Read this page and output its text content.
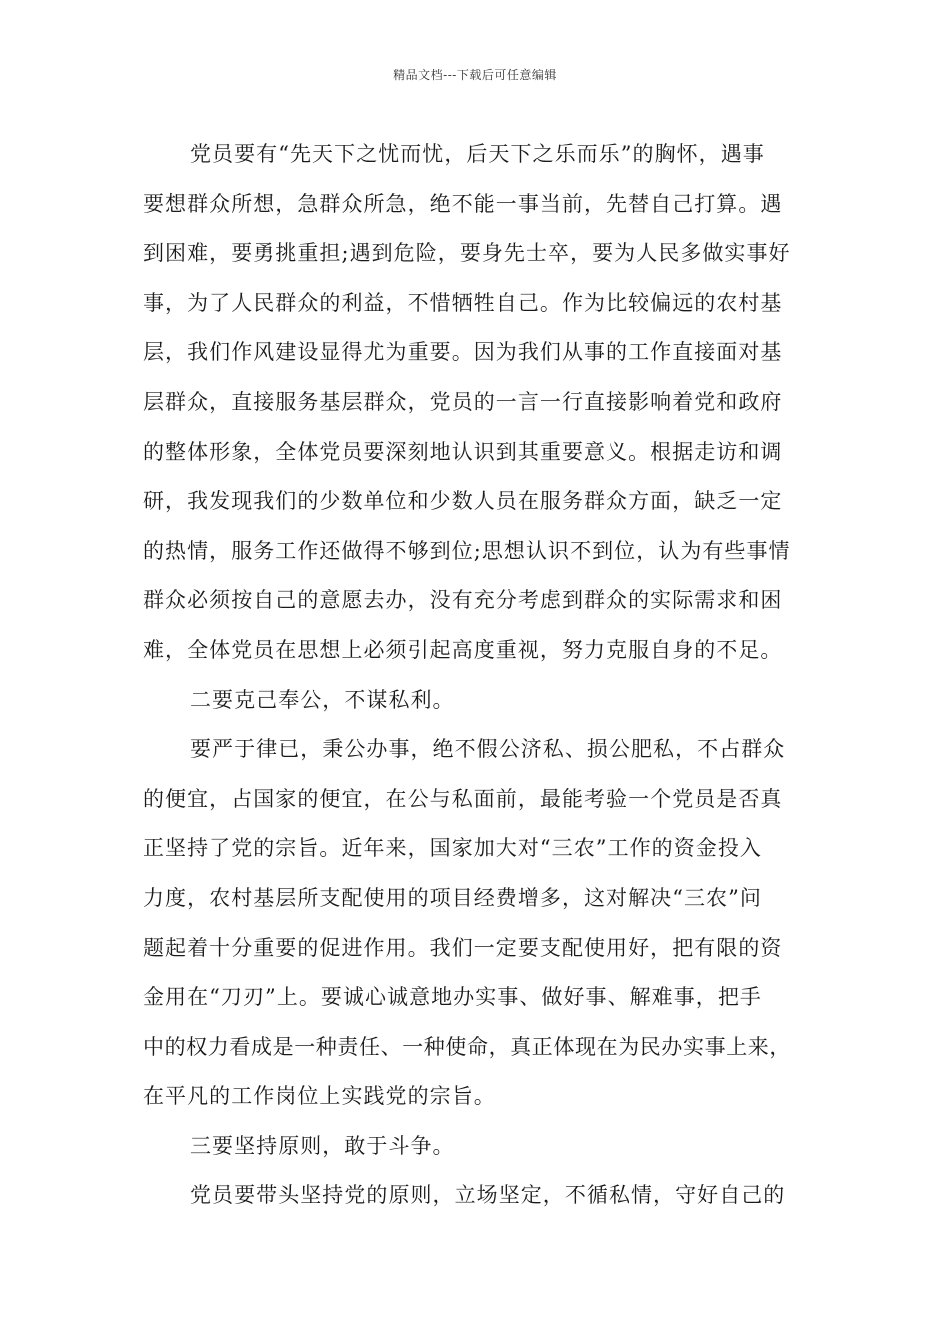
精品文档---下载后可任意编辑
党员要有“先天下之忧而忧，后天下之乐而乐”的胸怀，遇事
要想群众所想，急群众所急，绝不能一事当前，先替自己打算。遇
到困难，要勇挑重担;遇到危险，要身先士卒，要为人民多做实事好
事，为了人民群众的利益，不惜牺牲自己。作为比较偏远的农村基
层，我们作风建设显得尤为重要。因为我们从事的工作直接面对基
层群众，直接服务基层群众，党员的一言一行直接影响着党和政府
的整体形象，全体党员要深刻地认识到其重要意义。根据走访和调
研，我发现我们的少数单位和少数人员在服务群众方面，缺乏一定
的热情，服务工作还做得不够到位;思想认识不到位，认为有些事情
群众必须按自己的意愿去办，没有充分考虑到群众的实际需求和困
难，全体党员在思想上必须引起高度重视，努力克服自身的不足。
二要克己奉公，不谋私利。
要严于律已，秉公办事，绝不假公济私、损公肥私，不占群众
的便宜，占国家的便宜，在公与私面前，最能考验一个党员是否真
正坚持了党的宗旨。近年来，国家加大对“三农”工作的资金投入
力度，农村基层所支配使用的项目经费增多，这对解决“三农”问
题起着十分重要的促进作用。我们一定要支配使用好，把有限的资
金用在“刀刃”上。要诚心诚意地办实事、做好事、解难事，把手
中的权力看成是一种责任、一种使命，真正体现在为民办实事上来，
在平凡的工作岗位上实践党的宗旨。
三要坚持原则，敢于斗争。
党员要带头坚持党的原则，立场坚定，不循私情，守好自己的
